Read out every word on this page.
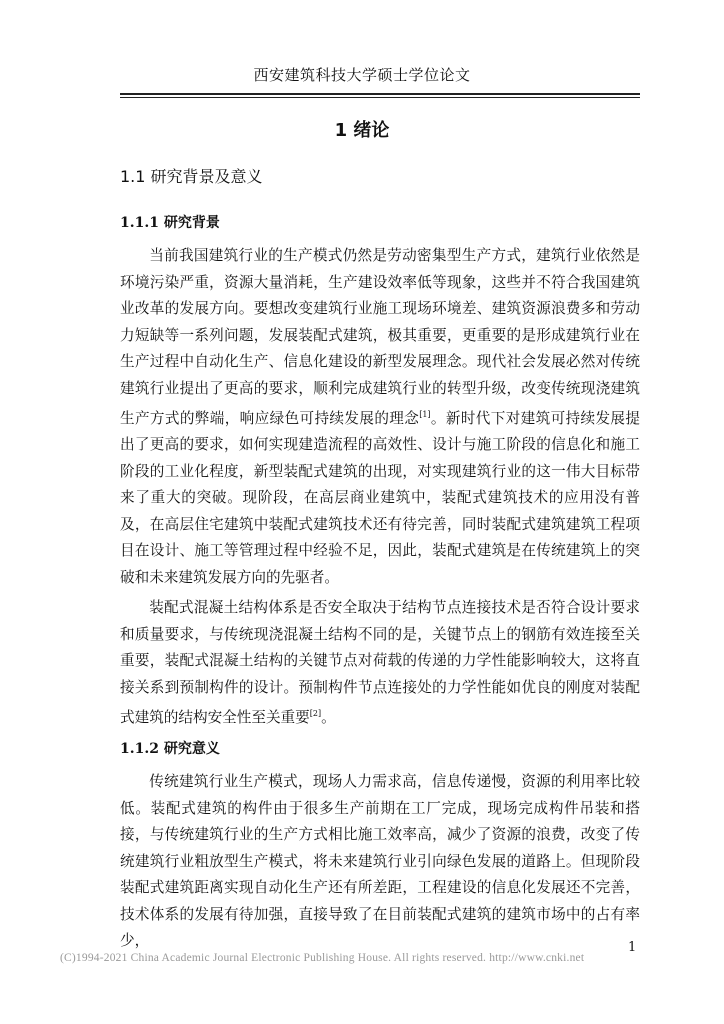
西安建筑科技大学硕士学位论文
1 绪论
1.1 研究背景及意义
1.1.1 研究背景

当前我国建筑行业的生产模式仍然是劳动密集型生产方式，建筑行业依然是环境污染严重，资源大量消耗，生产建设效率低等现象，这些并不符合我国建筑业改革的发展方向。要想改变建筑行业施工现场环境差、建筑资源浪费多和劳动力短缺等一系列问题，发展装配式建筑，极其重要，更重要的是形成建筑行业在生产过程中自动化生产、信息化建设的新型发展理念。现代社会发展必然对传统建筑行业提出了更高的要求，顺利完成建筑行业的转型升级，改变传统现浇建筑生产方式的弊端，响应绿色可持续发展的理念[1]。新时代下对建筑可持续发展提出了更高的要求，如何实现建造流程的高效性、设计与施工阶段的信息化和施工阶段的工业化程度，新型装配式建筑的出现，对实现建筑行业的这一伟大目标带来了重大的突破。现阶段，在高层商业建筑中，装配式建筑技术的应用没有普及，在高层住宅建筑中装配式建筑技术还有待完善，同时装配式建筑建筑工程项目在设计、施工等管理过程中经验不足，因此，装配式建筑是在传统建筑上的突破和未来建筑发展方向的先驱者。

装配式混凝土结构体系是否安全取决于结构节点连接技术是否符合设计要求和质量要求，与传统现浇混凝土结构不同的是，关键节点上的钢筋有效连接至关重要，装配式混凝土结构的关键节点对荷载的传递的力学性能影响较大，这将直接关系到预制构件的设计。预制构件节点连接处的力学性能如优良的刚度对装配式建筑的结构安全性至关重要[2]。

1.1.2 研究意义

传统建筑行业生产模式，现场人力需求高，信息传递慢，资源的利用率比较低。装配式建筑的构件由于很多生产前期在工厂完成，现场完成构件吊装和搭接，与传统建筑行业的生产方式相比施工效率高，减少了资源的浪费，改变了传统建筑行业粗放型生产模式，将未来建筑行业引向绿色发展的道路上。但现阶段装配式建筑距离实现自动化生产还有所差距，工程建设的信息化发展还不完善，技术体系的发展有待加强，直接导致了在目前装配式建筑的建筑市场中的占有率少，	1
(C)1994-2021 China Academic Journal Electronic Publishing House. All rights reserved. http://www.cnki.net
